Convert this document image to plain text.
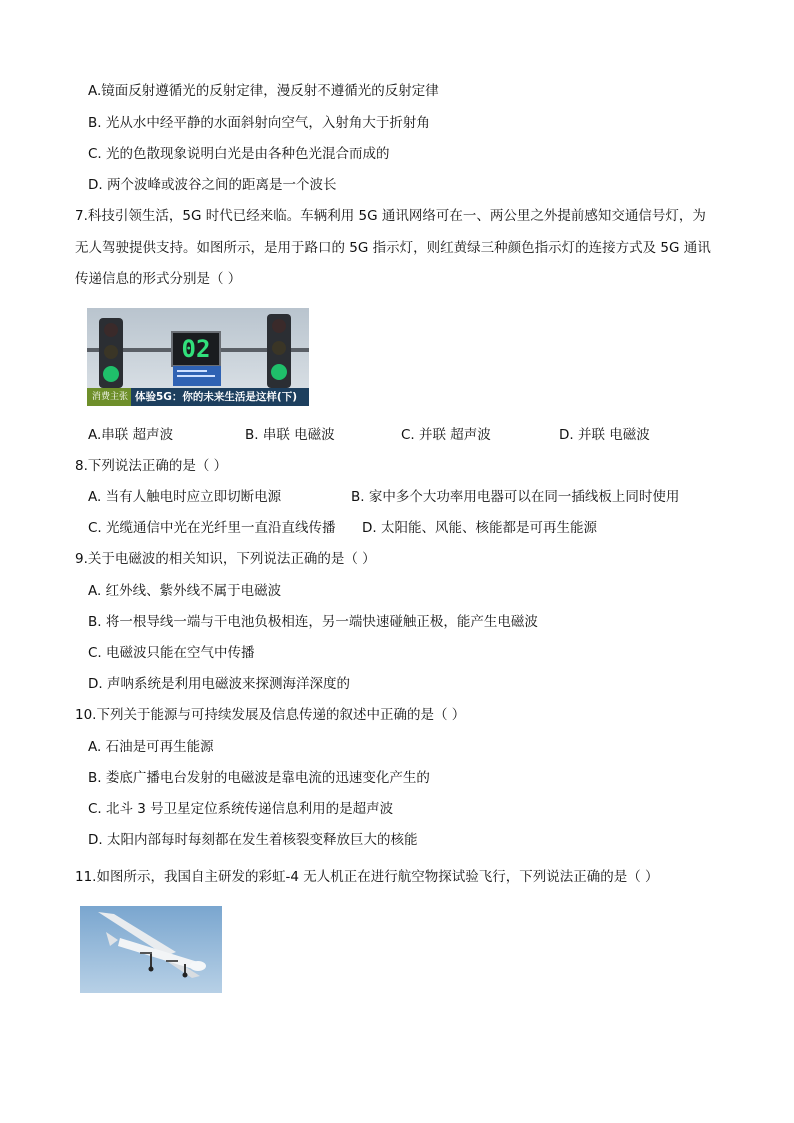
A.镜面反射遵循光的反射定律，漫反射不遵循光的反射定律
B. 光从水中经平静的水面斜射向空气，入射角大于折射角
C. 光的色散现象说明白光是由各种色光混合而成的
D. 两个波峰或波谷之间的距离是一个波长
7.科技引领生活，5G 时代已经来临。车辆利用 5G 通讯网络可在一、两公里之外提前感知交通信号灯，为
无人驾驶提供支持。如图所示，是用于路口的 5G 指示灯，则红黄绿三种颜色指示灯的连接方式及 5G 通讯
传递信息的形式分别是（ ）
02
消费主张 体验5G：你的未来生活是这样(下)
A.串联 超声波	B. 串联 电磁波	C. 并联 超声波	D. 并联 电磁波
8.下列说法正确的是（ ）
A. 当有人触电时应立即切断电源	B. 家中多个大功率用电器可以在同一插线板上同时使用
C. 光缆通信中光在光纤里一直沿直线传播 D. 太阳能、风能、核能都是可再生能源
9.关于电磁波的相关知识，下列说法正确的是（ ）
A. 红外线、紫外线不属于电磁波
B. 将一根导线一端与干电池负极相连，另一端快速碰触正极，能产生电磁波
C. 电磁波只能在空气中传播
D. 声呐系统是利用电磁波来探测海洋深度的
10.下列关于能源与可持续发展及信息传递的叙述中正确的是（ ）
A. 石油是可再生能源
B. 娄底广播电台发射的电磁波是靠电流的迅速变化产生的
C. 北斗 3 号卫星定位系统传递信息利用的是超声波
D. 太阳内部每时每刻都在发生着核裂变释放巨大的核能
11.如图所示，我国自主研发的彩虹-4 无人机正在进行航空物探试验飞行，下列说法正确的是（ ）
